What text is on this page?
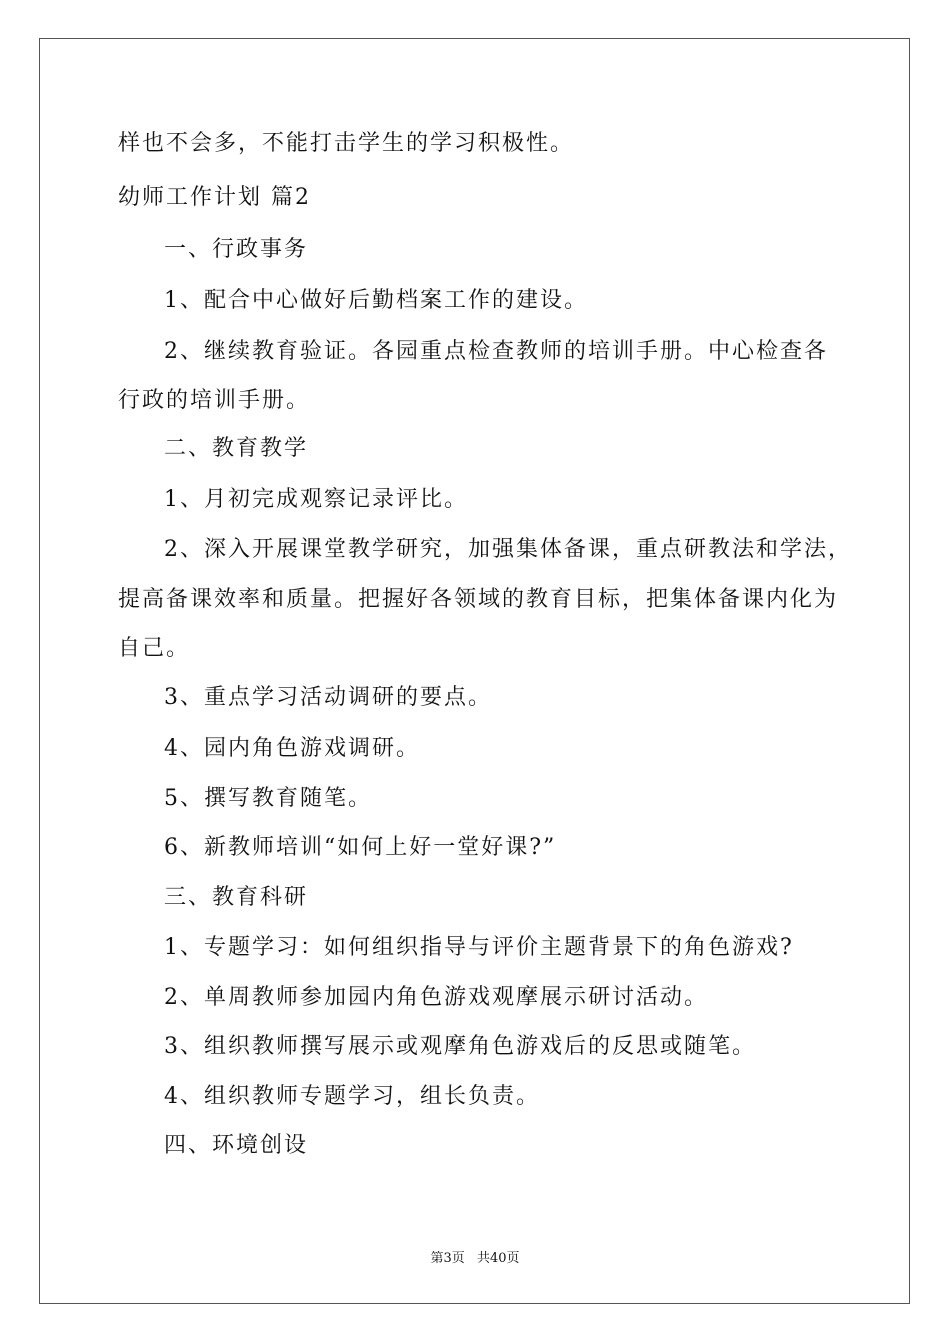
样也不会多，不能打击学生的学习积极性。
幼师工作计划 篇2
一、行政事务
1、配合中心做好后勤档案工作的建设。
2、继续教育验证。各园重点检查教师的培训手册。中心检查各
行政的培训手册。
二、教育教学
1、月初完成观察记录评比。
2、深入开展课堂教学研究，加强集体备课，重点研教法和学法，
提高备课效率和质量。把握好各领域的教育目标，把集体备课内化为
自己。
3、重点学习活动调研的要点。
4、园内角色游戏调研。
5、撰写教育随笔。
6、新教师培训“如何上好一堂好课?”
三、教育科研
1、专题学习：如何组织指导与评价主题背景下的角色游戏?
2、单周教师参加园内角色游戏观摩展示研讨活动。
3、组织教师撰写展示或观摩角色游戏后的反思或随笔。
4、组织教师专题学习，组长负责。
四、环境创设
第3页 共40页
